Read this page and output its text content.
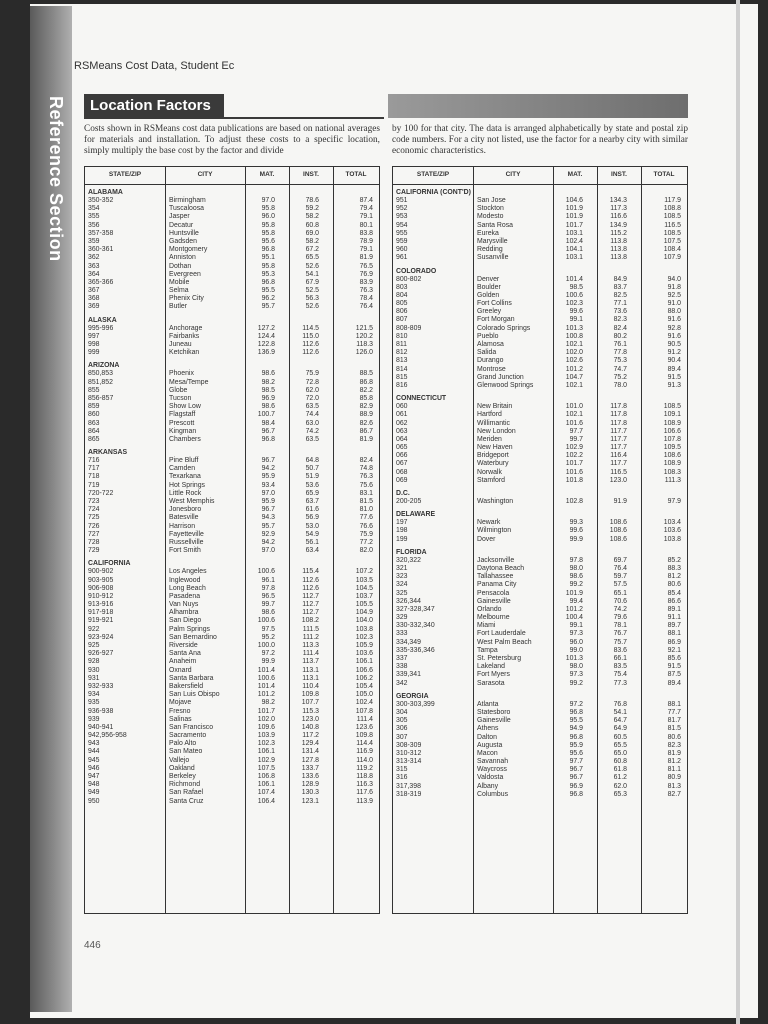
Reference Section
RSMeans Cost Data, Student Ec
Location Factors

Costs shown in RSMeans cost data publications are based on national averages for materials and installation. To adjust these costs to a specific location, simply multiply the base cost by the factor and divide

by 100 for that city. The data is arranged alphabetically by state and postal zip code numbers. For a city not listed, use the factor for a nearby city with similar economic characteristics.

STATE/ZIP	CITY	MAT.	INST.	TOTAL
ALABAMA
350-352	Birmingham	97.0	78.6	87.4
354	Tuscaloosa	95.8	59.2	79.4
355	Jasper	96.0	58.2	79.1
356	Decatur	95.8	60.8	80.1
357-358	Huntsville	95.8	69.0	83.8
359	Gadsden	95.6	58.2	78.9
360-361	Montgomery	96.8	67.2	79.1
362	Anniston	95.1	65.5	81.9
363	Dothan	95.8	52.6	76.5
364	Evergreen	95.3	54.1	76.9
365-366	Mobile	96.8	67.9	83.9
367	Selma	95.5	52.5	76.3
368	Phenix City	96.2	56.3	78.4
369	Butler	95.7	52.6	76.4
ALASKA
995-996	Anchorage	127.2	114.5	121.5
997	Fairbanks	124.4	115.0	120.2
998	Juneau	122.8	112.6	118.3
999	Ketchikan	136.9	112.6	126.0
ARIZONA
850,853	Phoenix	98.6	75.9	88.5
851,852	Mesa/Tempe	98.2	72.8	86.8
855	Globe	98.5	62.0	82.2
856-857	Tucson	96.9	72.0	85.8
859	Show Low	98.6	63.5	82.9
860	Flagstaff	100.7	74.4	88.9
863	Prescott	98.4	63.0	82.6
864	Kingman	96.7	74.2	86.7
865	Chambers	96.8	63.5	81.9
ARKANSAS
716	Pine Bluff	96.7	64.8	82.4
717	Camden	94.2	50.7	74.8
718	Texarkana	95.9	51.9	76.3
719	Hot Springs	93.4	53.6	75.6
720-722	Little Rock	97.0	65.9	83.1
723	West Memphis	95.9	63.7	81.5
724	Jonesboro	96.7	61.6	81.0
725	Batesville	94.3	56.9	77.6
726	Harrison	95.7	53.0	76.6
727	Fayetteville	92.9	54.9	75.9
728	Russellville	94.2	56.1	77.2
729	Fort Smith	97.0	63.4	82.0
CALIFORNIA
900-902	Los Angeles	100.6	115.4	107.2
903-905	Inglewood	96.1	112.6	103.5
906-908	Long Beach	97.8	112.6	104.5
910-912	Pasadena	96.5	112.7	103.7
913-916	Van Nuys	99.7	112.7	105.5
917-918	Alhambra	98.6	112.7	104.9
919-921	San Diego	100.6	108.2	104.0
922	Palm Springs	97.5	111.5	103.8
923-924	San Bernardino	95.2	111.2	102.3
925	Riverside	100.0	113.3	105.9
926-927	Santa Ana	97.2	111.4	103.6
928	Anaheim	99.9	113.7	106.1
930	Oxnard	101.4	113.1	106.6
931	Santa Barbara	100.6	113.1	106.2
932-933	Bakersfield	101.4	110.4	105.4
934	San Luis Obispo	101.2	109.8	105.0
935	Mojave	98.2	107.7	102.4
936-938	Fresno	101.7	115.3	107.8
939	Salinas	102.0	123.0	111.4
940-941	San Francisco	109.6	140.8	123.6
942,956-958	Sacramento	103.9	117.2	109.8
943	Palo Alto	102.3	129.4	114.4
944	San Mateo	106.1	131.4	116.9
945	Vallejo	102.9	127.8	114.0
946	Oakland	107.5	133.7	119.2
947	Berkeley	106.8	133.6	118.8
948	Richmond	106.1	128.9	116.3
949	San Rafael	107.4	130.3	117.6
950	Santa Cruz	106.4	123.1	113.9
STATE/ZIP	CITY	MAT.	INST.	TOTAL
CALIFORNIA (CONT'D)
951	San Jose	104.6	134.3	117.9
952	Stockton	101.9	117.3	108.8
953	Modesto	101.9	116.6	108.5
954	Santa Rosa	101.7	134.9	116.5
955	Eureka	103.1	115.2	108.5
959	Marysville	102.4	113.8	107.5
960	Redding	104.1	113.8	108.4
961	Susanville	103.1	113.8	107.9
COLORADO
800-802	Denver	101.4	84.9	94.0
803	Boulder	98.5	83.7	91.8
804	Golden	100.6	82.5	92.5
805	Fort Collins	102.3	77.1	91.0
806	Greeley	99.6	73.6	88.0
807	Fort Morgan	99.1	82.3	91.6
808-809	Colorado Springs	101.3	82.4	92.8
810	Pueblo	100.8	80.2	91.6
811	Alamosa	102.1	76.1	90.5
812	Salida	102.0	77.8	91.2
813	Durango	102.6	75.3	90.4
814	Montrose	101.2	74.7	89.4
815	Grand Junction	104.7	75.2	91.5
816	Glenwood Springs	102.1	78.0	91.3
CONNECTICUT
060	New Britain	101.0	117.8	108.5
061	Hartford	102.1	117.8	109.1
062	Willimantic	101.6	117.8	108.9
063	New London	97.7	117.7	106.6
064	Meriden	99.7	117.7	107.8
065	New Haven	102.9	117.7	109.5
066	Bridgeport	102.2	116.4	108.6
067	Waterbury	101.7	117.7	108.9
068	Norwalk	101.6	116.5	108.3
069	Stamford	101.8	123.0	111.3
D.C.
200-205	Washington	102.8	91.9	97.9
DELAWARE
197	Newark	99.3	108.6	103.4
198	Wilmington	99.6	108.6	103.6
199	Dover	99.9	108.6	103.8
FLORIDA
320,322	Jacksonville	97.8	69.7	85.2
321	Daytona Beach	98.0	76.4	88.3
323	Tallahassee	98.6	59.7	81.2
324	Panama City	99.2	57.5	80.6
325	Pensacola	101.9	65.1	85.4
326,344	Gainesville	99.4	70.6	86.6
327-328,347	Orlando	101.2	74.2	89.1
329	Melbourne	100.4	79.6	91.1
330-332,340	Miami	99.1	78.1	89.7
333	Fort Lauderdale	97.3	76.7	88.1
334,349	West Palm Beach	96.0	75.7	86.9
335-336,346	Tampa	99.0	83.6	92.1
337	St. Petersburg	101.3	66.1	85.6
338	Lakeland	98.0	83.5	91.5
339,341	Fort Myers	97.3	75.4	87.5
342	Sarasota	99.2	77.3	89.4
GEORGIA
300-303,399	Atlanta	97.2	76.8	88.1
304	Statesboro	96.8	54.1	77.7
305	Gainesville	95.5	64.7	81.7
306	Athens	94.9	64.9	81.5
307	Dalton	96.8	60.5	80.6
308-309	Augusta	95.9	65.5	82.3
310-312	Macon	95.6	65.0	81.9
313-314	Savannah	97.7	60.8	81.2
315	Waycross	96.7	61.8	81.1
316	Valdosta	96.7	61.2	80.9
317,398	Albany	96.9	62.0	81.3
318-319	Columbus	96.8	65.3	82.7
446
